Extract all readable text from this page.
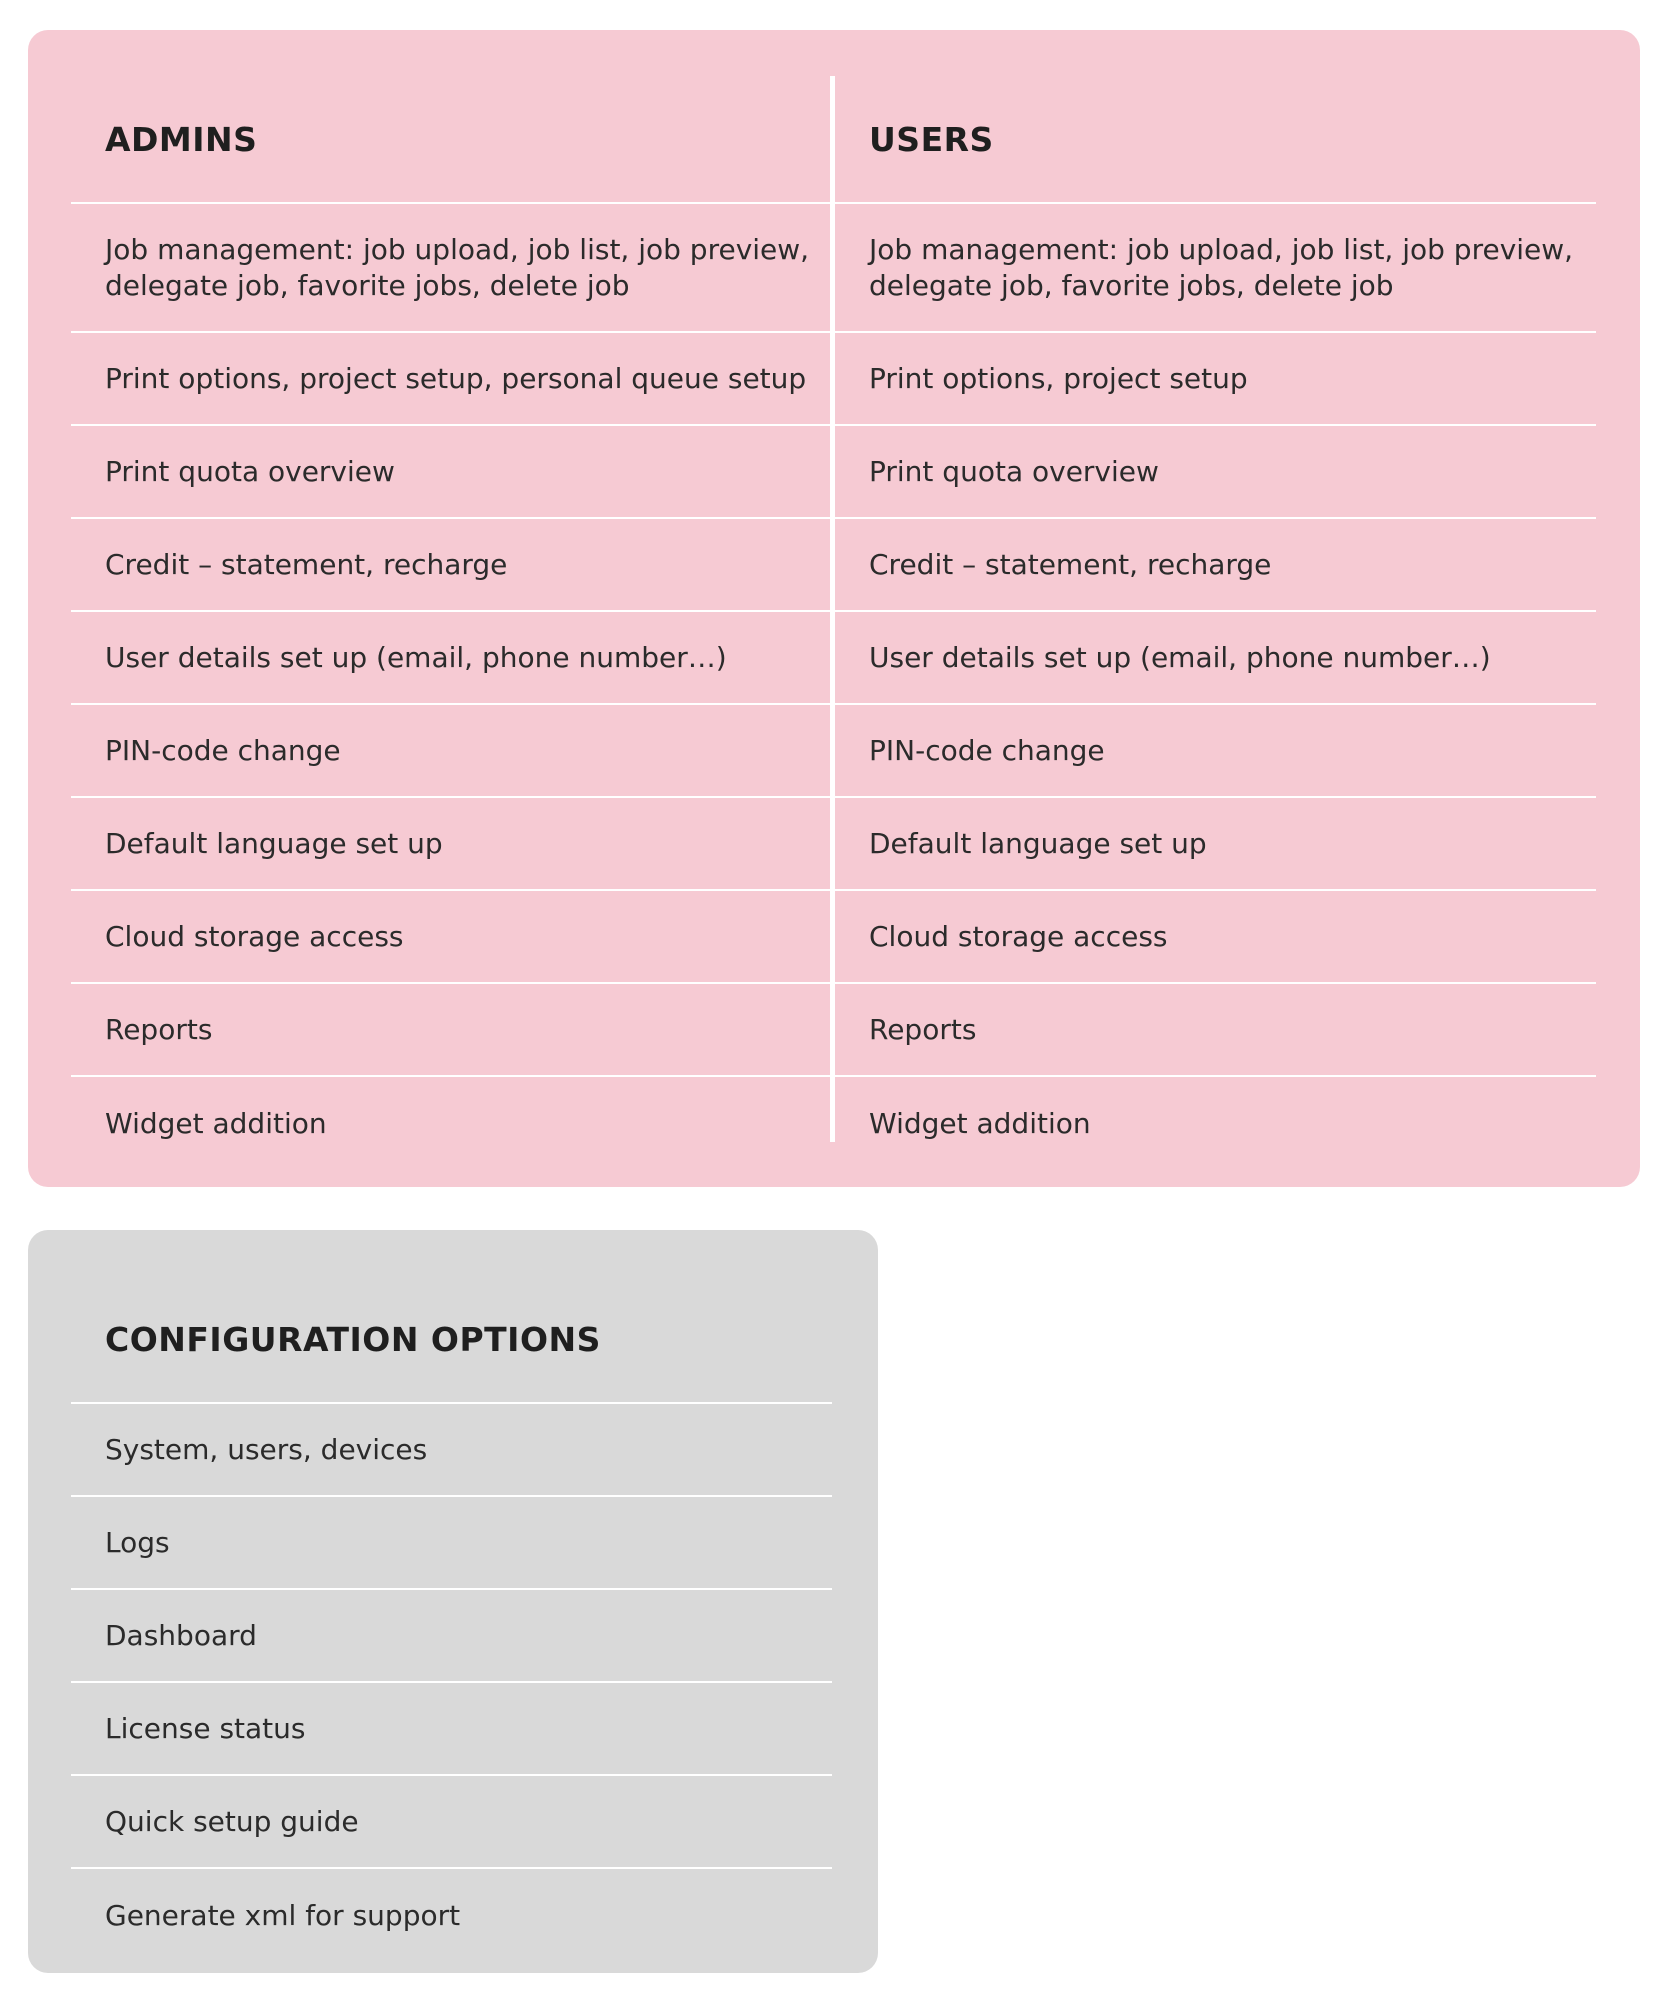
ADMINS
Job management: job upload, job list, job preview, delegate job, favorite jobs, delete job
Print options, project setup, personal queue setup
Print quota overview
Credit – statement, recharge
User details set up (email, phone number…)
PIN-code change
Default language set up
Cloud storage access
Reports
Widget addition
USERS
Job management: job upload, job list, job preview, delegate job, favorite jobs, delete job
Print options, project setup
Print quota overview
Credit – statement, recharge
User details set up (email, phone number…)
PIN-code change
Default language set up
Cloud storage access
Reports
Widget addition
CONFIGURATION OPTIONS
System, users, devices
Logs
Dashboard
License status
Quick setup guide
Generate xml for support
